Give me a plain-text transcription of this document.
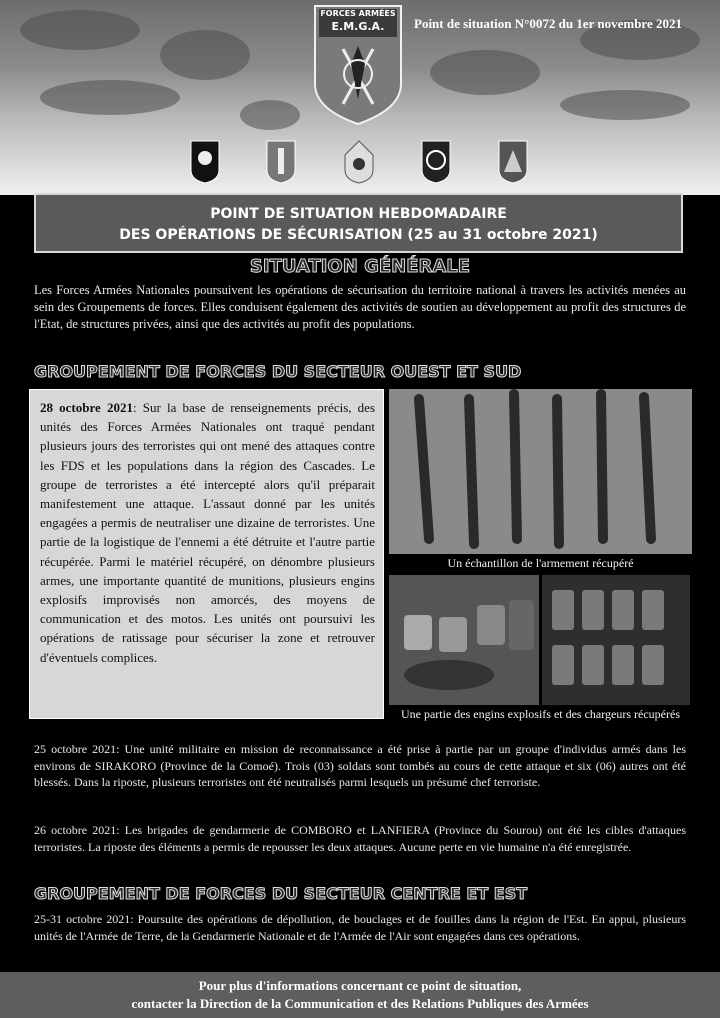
FORCES ARMÉES
E.M.G.A.	Point de situation N°0072 du 1er novembre 2021
POINT DE SITUATION HEBDOMADAIRE
DES OPÉRATIONS DE SÉCURISATION (25 au 31 octobre 2021)
SITUATION GÉNÉRALE
Les Forces Armées Nationales poursuivent les opérations de sécurisation du territoire national à travers les activités menées au sein des Groupements de forces. Elles conduisent également des activités de soutien au développement au profit des structures de l'Etat, de structures privées, ainsi que des activités au profit des populations.
GROUPEMENT DE FORCES DU SECTEUR OUEST ET SUD
28 octobre 2021: Sur la base de renseignements précis, des unités des Forces Armées Nationales ont traqué pendant plusieurs jours des terroristes qui ont mené des attaques contre les FDS et les populations dans la région des Cascades. Le groupe de terroristes a été intercepté alors qu'il préparait manifestement une attaque. L'assaut donné par les unités engagées a permis de neutraliser une dizaine de terroristes. Une partie de la logistique de l'ennemi a été détruite et l'autre partie récupérée. Parmi le matériel récupéré, on dénombre plusieurs armes, une importante quantité de munitions, plusieurs engins explosifs improvisés non amorcés, des moyens de communication et des motos. Les unités ont poursuivi les opérations de ratissage pour sécuriser la zone et retrouver d'éventuels complices.
Un échantillon de l'armement récupéré
Une partie des engins explosifs et des chargeurs récupérés
25 octobre 2021: Une unité militaire en mission de reconnaissance a été prise à partie par un groupe d'individus armés dans les environs de SIRAKORO (Province de la Comoé). Trois (03) soldats sont tombés au cours de cette attaque et six (06) autres ont été blessés. Dans la riposte, plusieurs terroristes ont été neutralisés parmi lesquels un présumé chef terroriste.
26 octobre 2021: Les brigades de gendarmerie de COMBORO et LANFIERA (Province du Sourou) ont été les cibles d'attaques terroristes. La riposte des éléments a permis de repousser les deux attaques. Aucune perte en vie humaine n'a été enregistrée.
GROUPEMENT DE FORCES DU SECTEUR CENTRE ET EST
25-31 octobre 2021: Poursuite des opérations de dépollution, de bouclages et de fouilles dans la région de l'Est. En appui, plusieurs unités de l'Armée de Terre, de la Gendarmerie Nationale et de l'Armée de l'Air sont engagées dans ces opérations.
Pour plus d'informations concernant ce point de situation,
contacter la Direction de la Communication et des Relations Publiques des Armées
